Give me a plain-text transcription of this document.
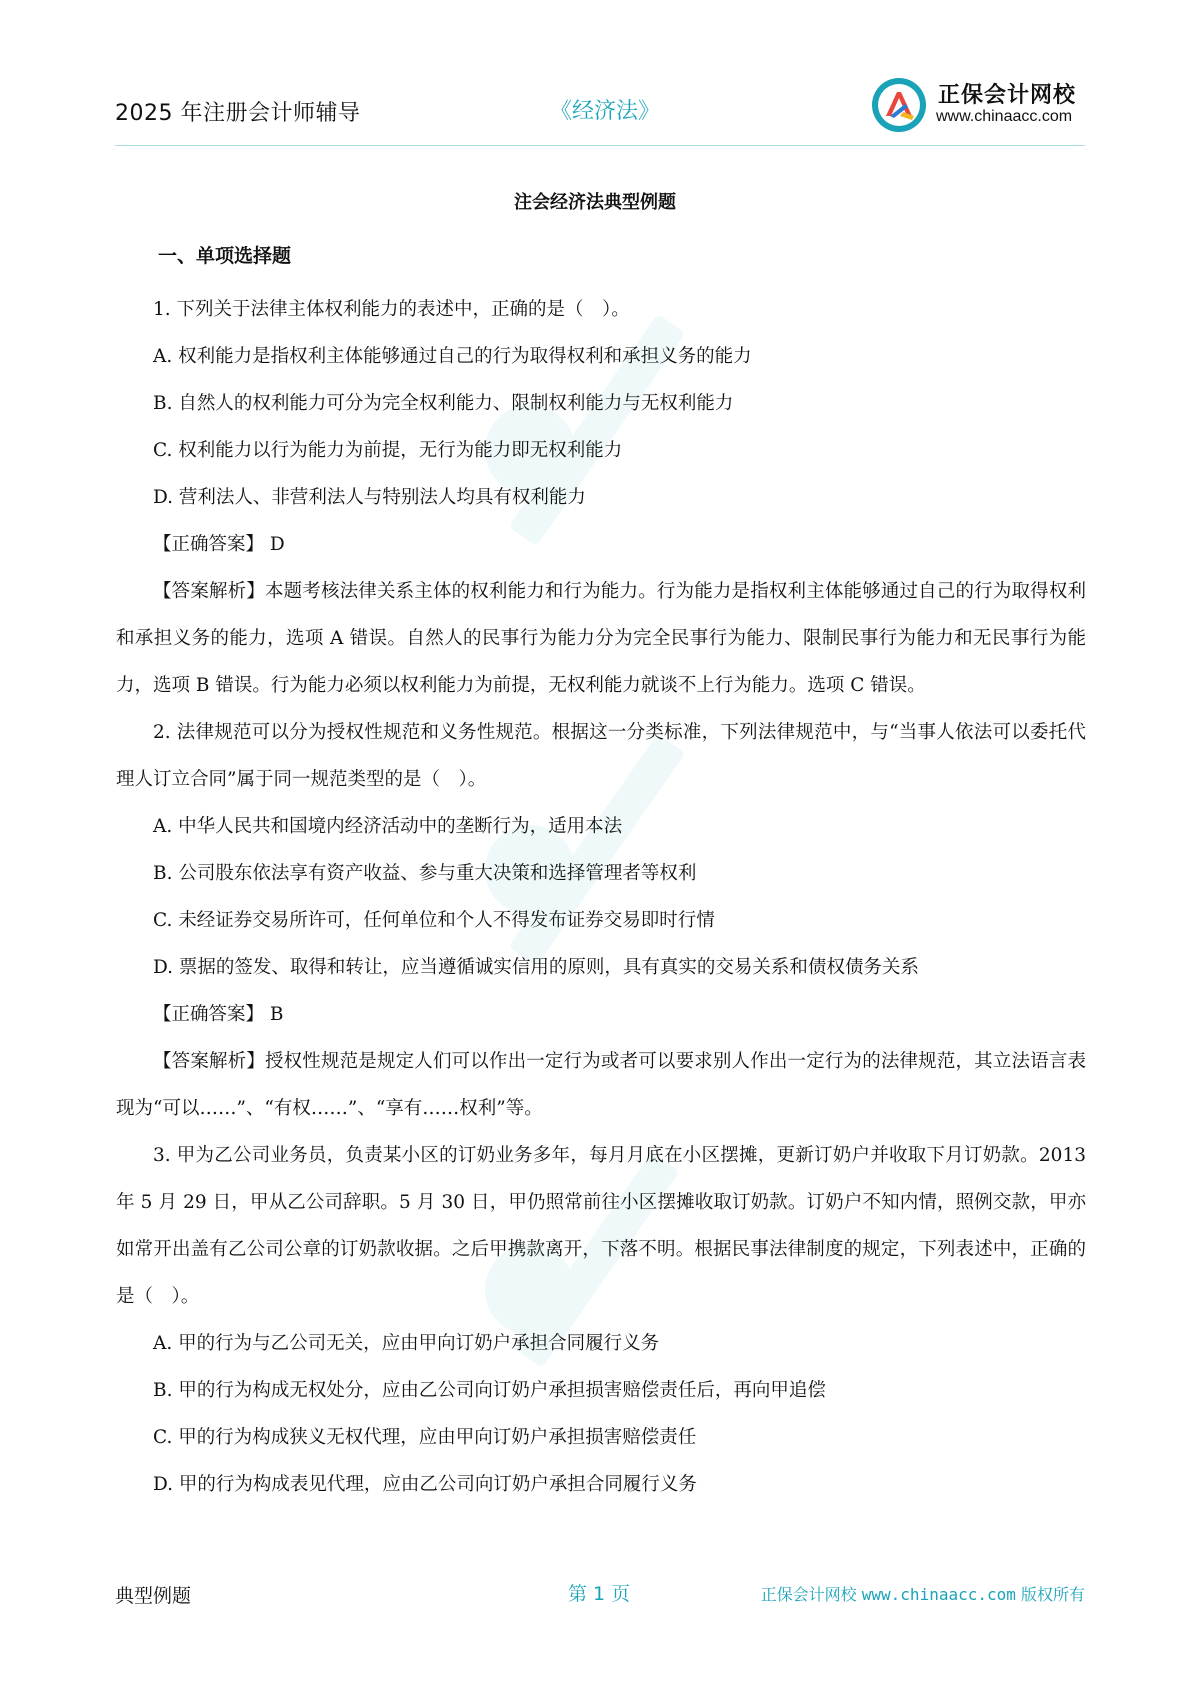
2025 年注册会计师辅导	《经济法》
正保会计网校
www.chinaacc.com
注会经济法典型例题
一、单项选择题

1. 下列关于法律主体权利能力的表述中，正确的是（　）。

A. 权利能力是指权利主体能够通过自己的行为取得权利和承担义务的能力

B. 自然人的权利能力可分为完全权利能力、限制权利能力与无权利能力

C. 权利能力以行为能力为前提，无行为能力即无权利能力

D. 营利法人、非营利法人与特别法人均具有权利能力

【正确答案】 D

【答案解析】本题考核法律关系主体的权利能力和行为能力。行为能力是指权利主体能够通过自己的行为取得权利和承担义务的能力，选项 A 错误。自然人的民事行为能力分为完全民事行为能力、限制民事行为能力和无民事行为能力，选项 B 错误。行为能力必须以权利能力为前提，无权利能力就谈不上行为能力。选项 C 错误。

2. 法律规范可以分为授权性规范和义务性规范。根据这一分类标准，下列法律规范中，与“当事人依法可以委托代理人订立合同”属于同一规范类型的是（　）。

A. 中华人民共和国境内经济活动中的垄断行为，适用本法

B. 公司股东依法享有资产收益、参与重大决策和选择管理者等权利

C. 未经证券交易所许可，任何单位和个人不得发布证券交易即时行情

D. 票据的签发、取得和转让，应当遵循诚实信用的原则，具有真实的交易关系和债权债务关系

【正确答案】 B

【答案解析】授权性规范是规定人们可以作出一定行为或者可以要求别人作出一定行为的法律规范，其立法语言表现为“可以……”、“有权……”、“享有……权利”等。

3. 甲为乙公司业务员，负责某小区的订奶业务多年，每月月底在小区摆摊，更新订奶户并收取下月订奶款。2013 年 5 月 29 日，甲从乙公司辞职。5 月 30 日，甲仍照常前往小区摆摊收取订奶款。订奶户不知内情，照例交款，甲亦如常开出盖有乙公司公章的订奶款收据。之后甲携款离开，下落不明。根据民事法律制度的规定，下列表述中，正确的是（　）。

A. 甲的行为与乙公司无关，应由甲向订奶户承担合同履行义务

B. 甲的行为构成无权处分，应由乙公司向订奶户承担损害赔偿责任后，再向甲追偿

C. 甲的行为构成狭义无权代理，应由甲向订奶户承担损害赔偿责任

D. 甲的行为构成表见代理，应由乙公司向订奶户承担合同履行义务

典型例题	第 1 页	正保会计网校 www.chinaacc.com 版权所有
